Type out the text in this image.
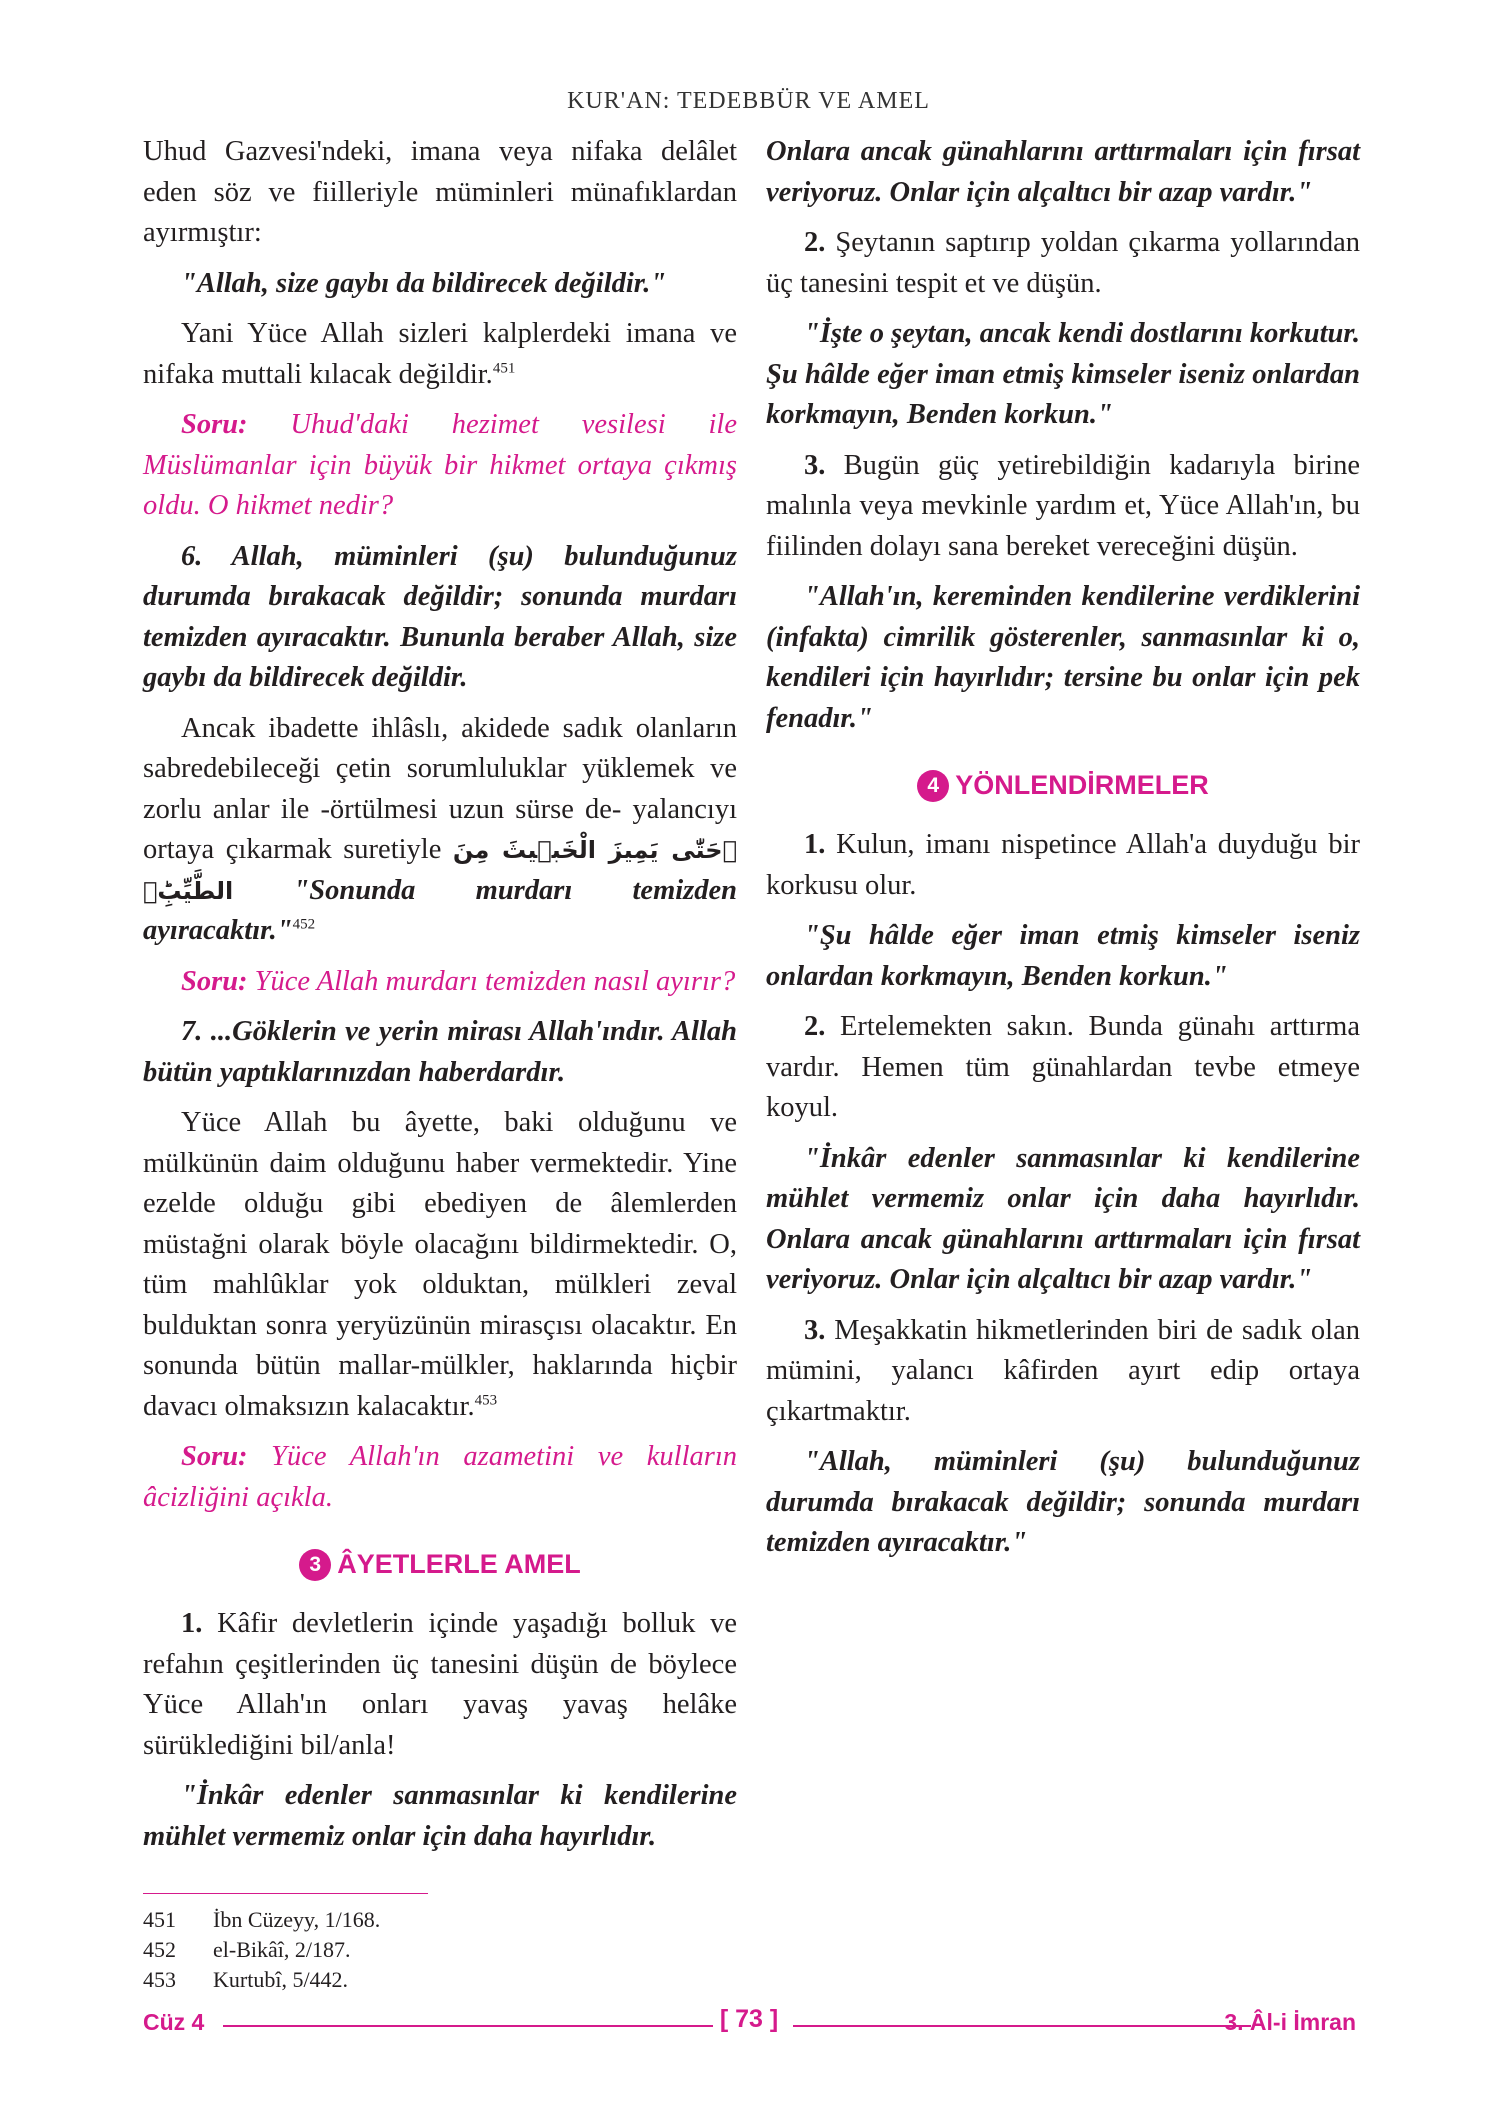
KUR'AN: TEDEBBÜR VE AMEL

Uhud Gazvesi'ndeki, imana veya nifaka delâlet eden söz ve fiilleriyle müminleri münafıklardan ayırmıştır:

"Allah, size gaybı da bildirecek değildir."

Yani Yüce Allah sizleri kalplerdeki imana ve nifaka muttali kılacak değildir.$^{451}$

Soru: Uhud'daki hezimet vesilesi ile Müslümanlar için büyük bir hikmet ortaya çıkmış oldu. O hikmet nedir?

6. Allah, müminleri (şu) bulunduğunuz durumda bırakacak değildir; sonunda murdarı temizden ayıracaktır. Bununla beraber Allah, size gaybı da bildirecek değildir.

Ancak ibadette ihlâslı, akidede sadık olanların sabredebileceği çetin sorumluluklar yüklemek ve zorlu anlar ile -örtülmesi uzun sürse de- yalancıyı ortaya çıkarmak suretiyle ﴿حَتّٰى يَمِيزَ الْخَب۪يثَ مِنَ الطَّيِّبِؕ﴾ "Sonunda murdarı temizden ayıracaktır."$^{452}$

Soru: Yüce Allah murdarı temizden nasıl ayırır?

7. ...Göklerin ve yerin mirası Allah'ındır. Allah bütün yaptıklarınızdan haberdardır.

Yüce Allah bu âyette, baki olduğunu ve mülkünün daim olduğunu haber vermektedir. Yine ezelde olduğu gibi ebediyen de âlemlerden müstağni olarak böyle olacağını bildirmektedir. O, tüm mahlûklar yok olduktan, mülkleri zeval bulduktan sonra yeryüzünün mirasçısı olacaktır. En sonunda bütün mallar-mülkler, haklarında hiçbir davacı olmaksızın kalacaktır.$^{453}$

Soru: Yüce Allah'ın azametini ve kulların âcizliğini açıkla.

3 ÂYETLERLE AMEL

1. Kâfir devletlerin içinde yaşadığı bolluk ve refahın çeşitlerinden üç tanesini düşün de böylece Yüce Allah'ın onları yavaş yavaş helâke sürüklediğini bil/anla!

"İnkâr edenler sanmasınlar ki kendilerine mühlet vermemiz onlar için daha hayırlıdır.

Onlara ancak günahlarını arttırmaları için fırsat veriyoruz. Onlar için alçaltıcı bir azap vardır."

2. Şeytanın saptırıp yoldan çıkarma yollarından üç tanesini tespit et ve düşün.

"İşte o şeytan, ancak kendi dostlarını korkutur. Şu hâlde eğer iman etmiş kimseler iseniz onlardan korkmayın, Benden korkun."

3. Bugün güç yetirebildiğin kadarıyla birine malınla veya mevkinle yardım et, Yüce Allah'ın, bu fiilinden dolayı sana bereket vereceğini düşün.

"Allah'ın, kereminden kendilerine verdiklerini (infakta) cimrilik gösterenler, sanmasınlar ki o, kendileri için hayırlıdır; tersine bu onlar için pek fenadır."

4 YÖNLENDİRMELER

1. Kulun, imanı nispetince Allah'a duyduğu bir korkusu olur.

"Şu hâlde eğer iman etmiş kimseler iseniz onlardan korkmayın, Benden korkun."

2. Ertelemekten sakın. Bunda günahı arttırma vardır. Hemen tüm günahlardan tevbe etmeye koyul.

"İnkâr edenler sanmasınlar ki kendilerine mühlet vermemiz onlar için daha hayırlıdır. Onlara ancak günahlarını arttırmaları için fırsat veriyoruz. Onlar için alçaltıcı bir azap vardır."

3. Meşakkatin hikmetlerinden biri de sadık olan mümini, yalancı kâfirden ayırt edip ortaya çıkartmaktır.

"Allah, müminleri (şu) bulunduğunuz durumda bırakacak değildir; sonunda murdarı temizden ayıracaktır."

451 İbn Cüzeyy, 1/168.
452 el-Bikâî, 2/187.
453 Kurtubî, 5/442.
Cüz 4	[ 73 ]	3. Âl-i İmran
